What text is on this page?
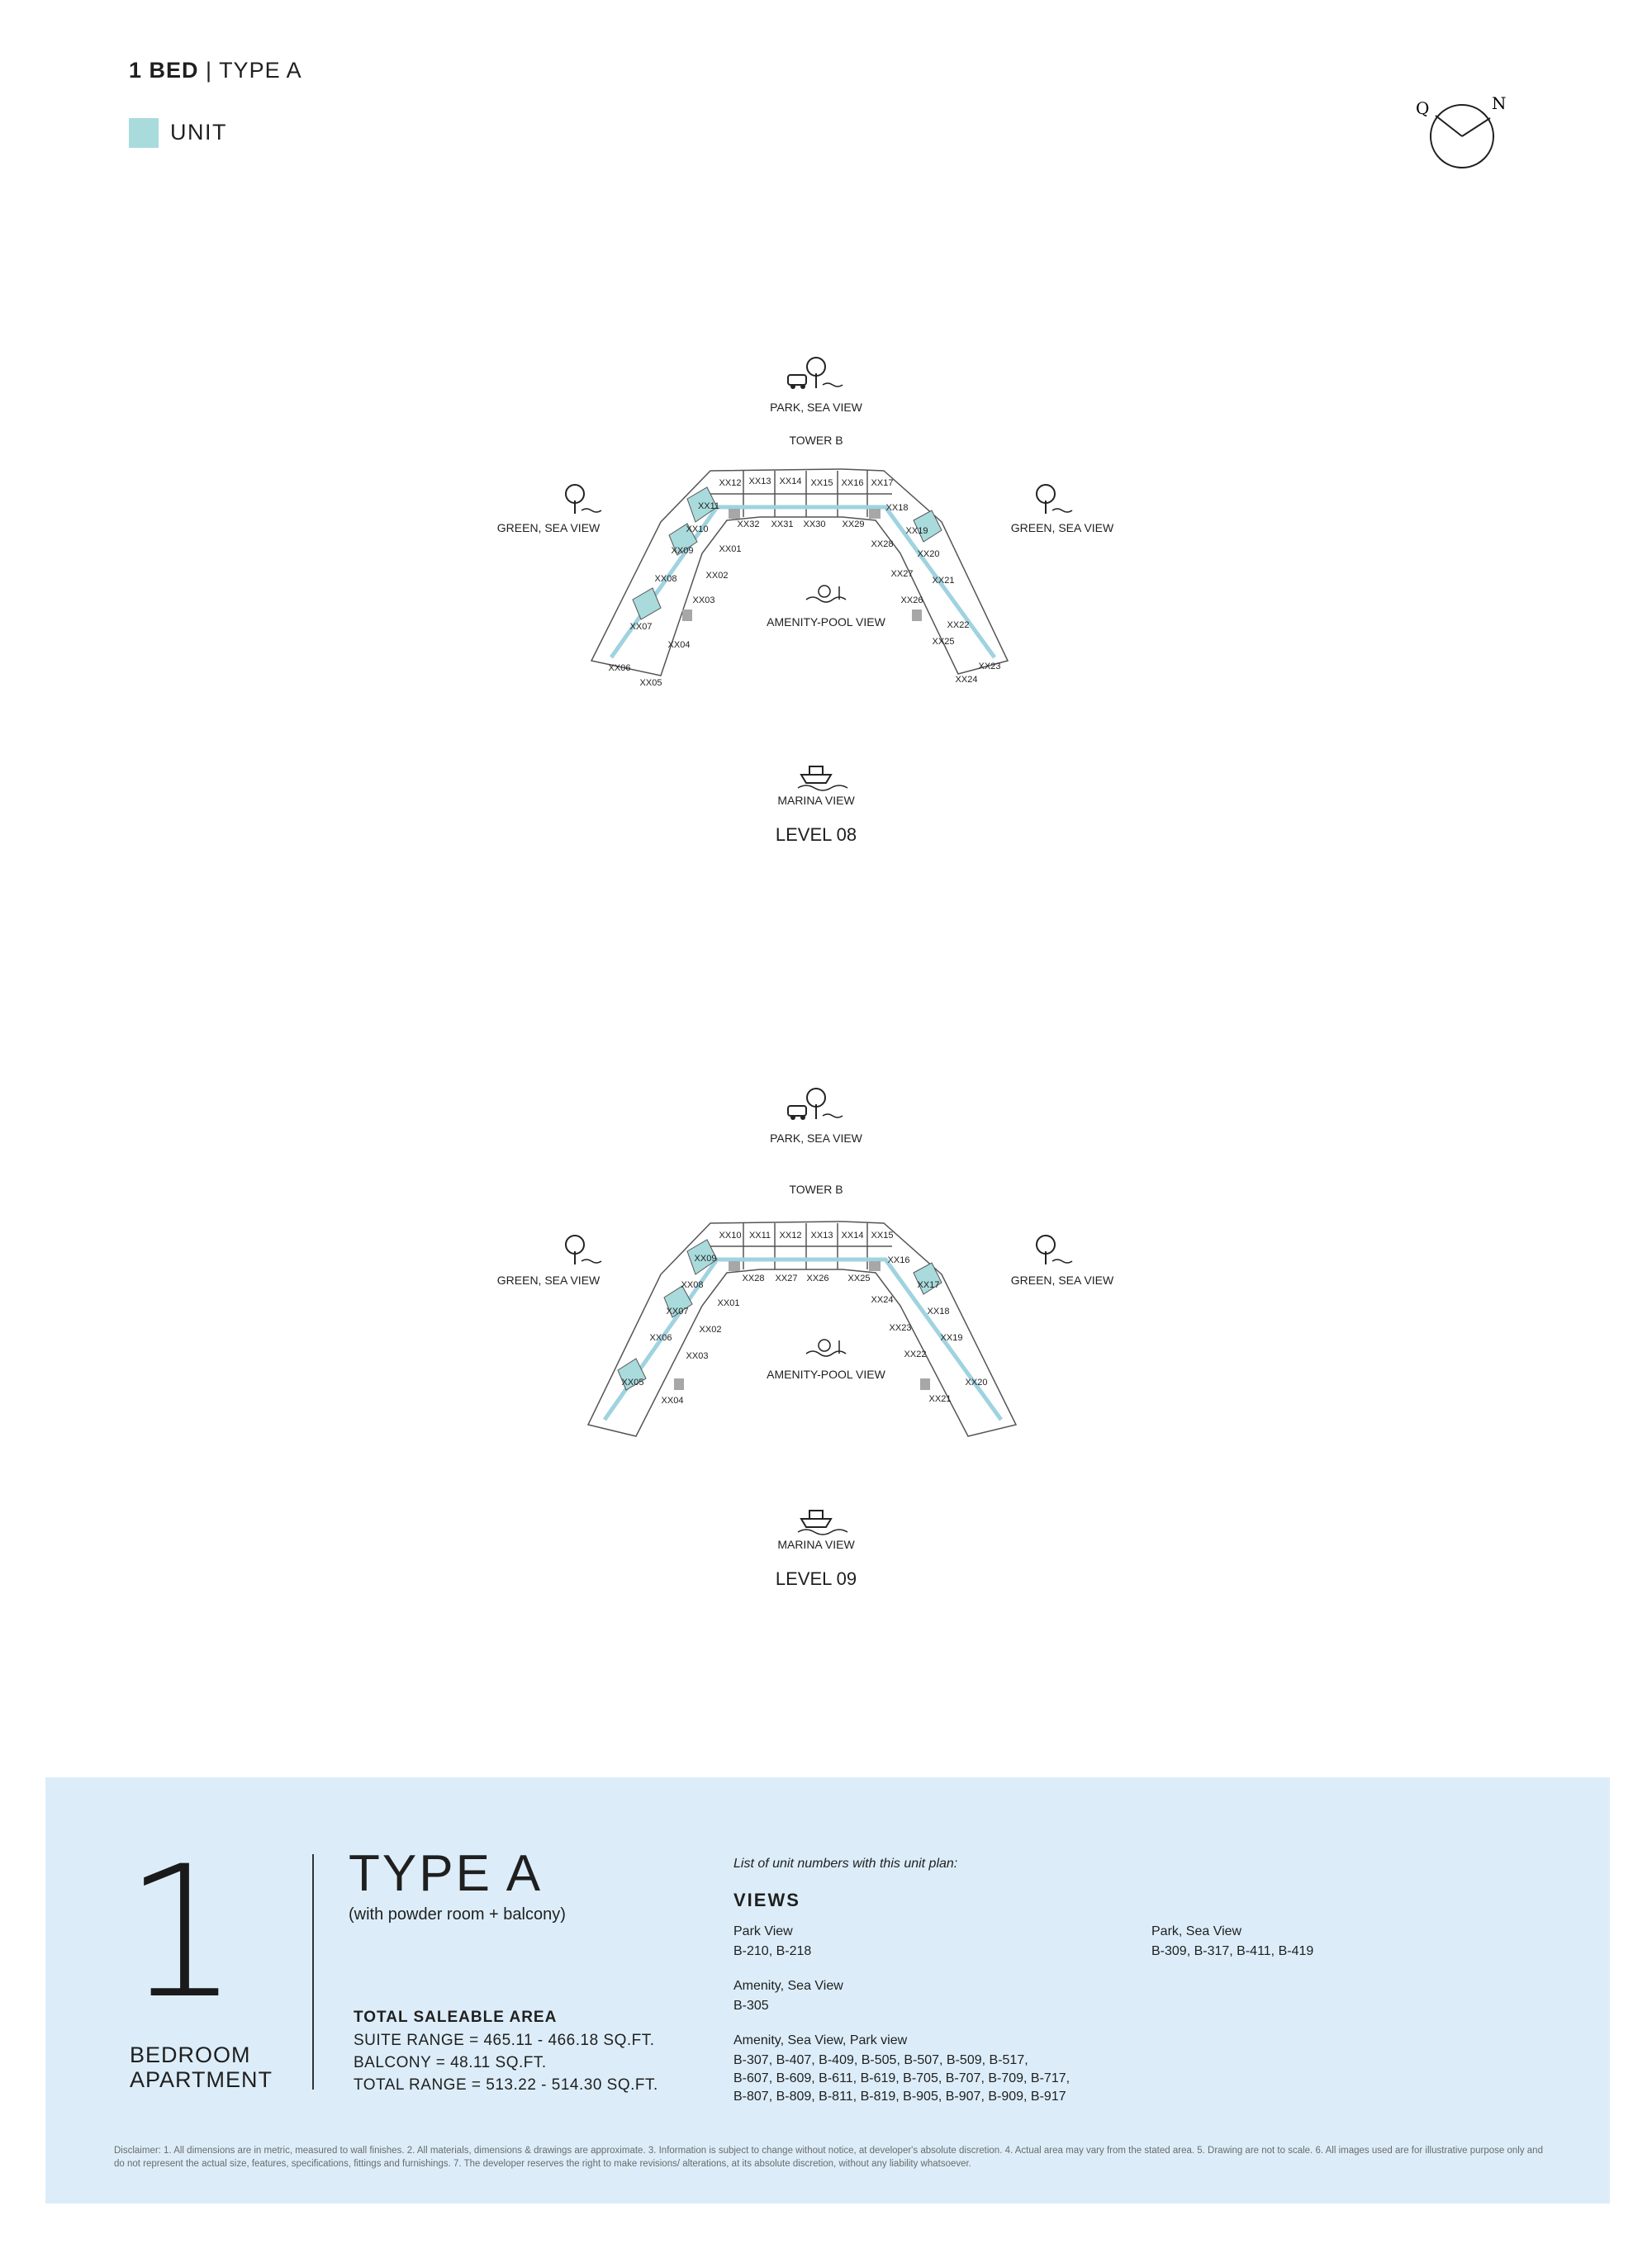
1 BED | TYPE A
UNIT
Q	N
PARK, SEA VIEW
TOWER B
GREEN, SEA VIEW	GREEN, SEA VIEW
XX12 XX13 XX14 XX15 XX16 XX17
XX32 XX31 XX30 XX29
XX11
XX10
XX09
XX08
XX07
XX06
XX05
XX01
XX02
XX03
XX04
XX18
XX19
XX20
XX21
XX22
XX23
XX24
XX28
XX27
XX26
XX25
AMENITY-POOL VIEW
MARINA VIEW
LEVEL 08
PARK, SEA VIEW
TOWER B
GREEN, SEA VIEW	GREEN, SEA VIEW
XX10 XX11 XX12 XX13 XX14 XX15
XX28 XX27 XX26 XX25
XX09
XX08
XX07
XX06
XX05
XX01
XX02
XX03
XX04
XX16
XX17
XX18
XX19
XX20
XX24
XX23
XX22
XX21
AMENITY-POOL VIEW
MARINA VIEW
LEVEL 09
1
BEDROOM
APARTMENT
TYPE A
(with powder room + balcony)
TOTAL SALEABLE AREA
SUITE RANGE = 465.11 - 466.18 SQ.FT.
BALCONY = 48.11 SQ.FT.
TOTAL RANGE = 513.22 - 514.30 SQ.FT.
List of unit numbers with this unit plan:
VIEWS
Park View
B-210, B-218
Park, Sea View
B-309, B-317, B-411, B-419
Amenity, Sea View
B-305
Amenity, Sea View, Park view
B-307, B-407, B-409, B-505, B-507, B-509, B-517,
B-607, B-609, B-611, B-619, B-705, B-707, B-709, B-717,
B-807, B-809, B-811, B-819, B-905, B-907, B-909, B-917
Disclaimer: 1. All dimensions are in metric, measured to wall finishes. 2. All materials, dimensions & drawings are approximate. 3. Information is subject to change without notice, at developer's absolute discretion. 4. Actual area may vary from the stated area. 5. Drawing are not to scale. 6. All images used are for illustrative purpose only and do not represent the actual size, features, specifications, fittings and furnishings. 7. The developer reserves the right to make revisions/ alterations, at its absolute discretion, without any liability whatsoever.
